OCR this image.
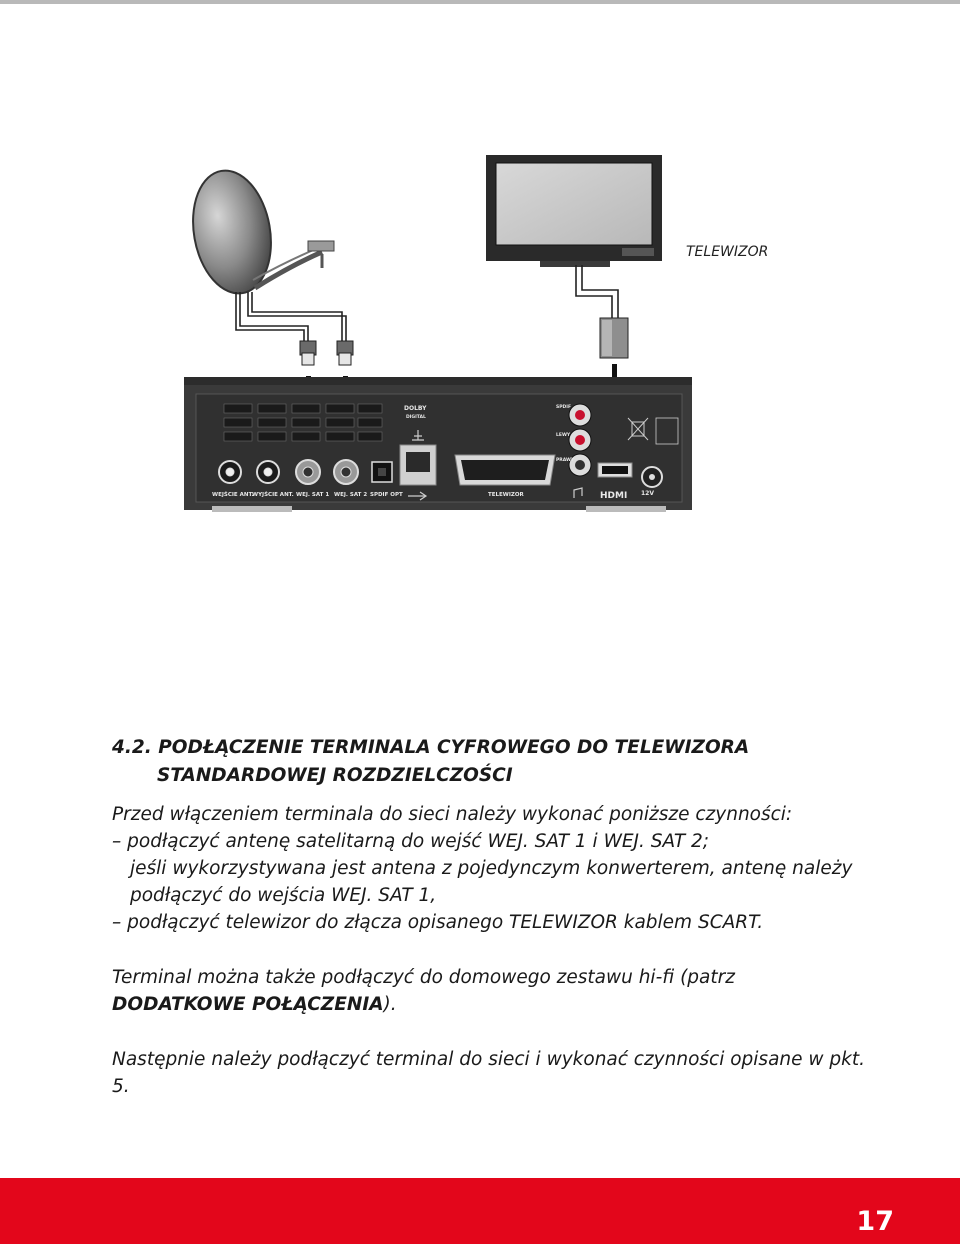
WEJŚCIE ANT.
WYJŚCIE ANT. WEJ. SAT 1 WEJ. SAT 2 SPDIF OPT	TELEWIZOR
SPDIF
LEWY
PRAWY
HDMI 12V
DOLBY
DIGITAL
TELEWIZOR
4.2. PODŁĄCZENIE TERMINALA CYFROWEGO DO TELEWIZORA
STANDARDOWEJ ROZDZIELCZOŚCI
Przed włączeniem terminala do sieci należy wykonać poniższe czynności:
– podłączyć antenę satelitarną do wejść WEJ. SAT 1 i WEJ. SAT 2;
jeśli wykorzystywana jest antena z pojedynczym konwerterem, antenę należy podłączyć do wejścia WEJ. SAT 1,
– podłączyć telewizor do złącza opisanego TELEWIZOR kablem SCART.
Terminal można także podłączyć do domowego zestawu hi-fi (patrz DODATKOWE POŁĄCZENIA).
Następnie należy podłączyć terminal do sieci i wykonać czynności opisane w pkt. 5.
17
